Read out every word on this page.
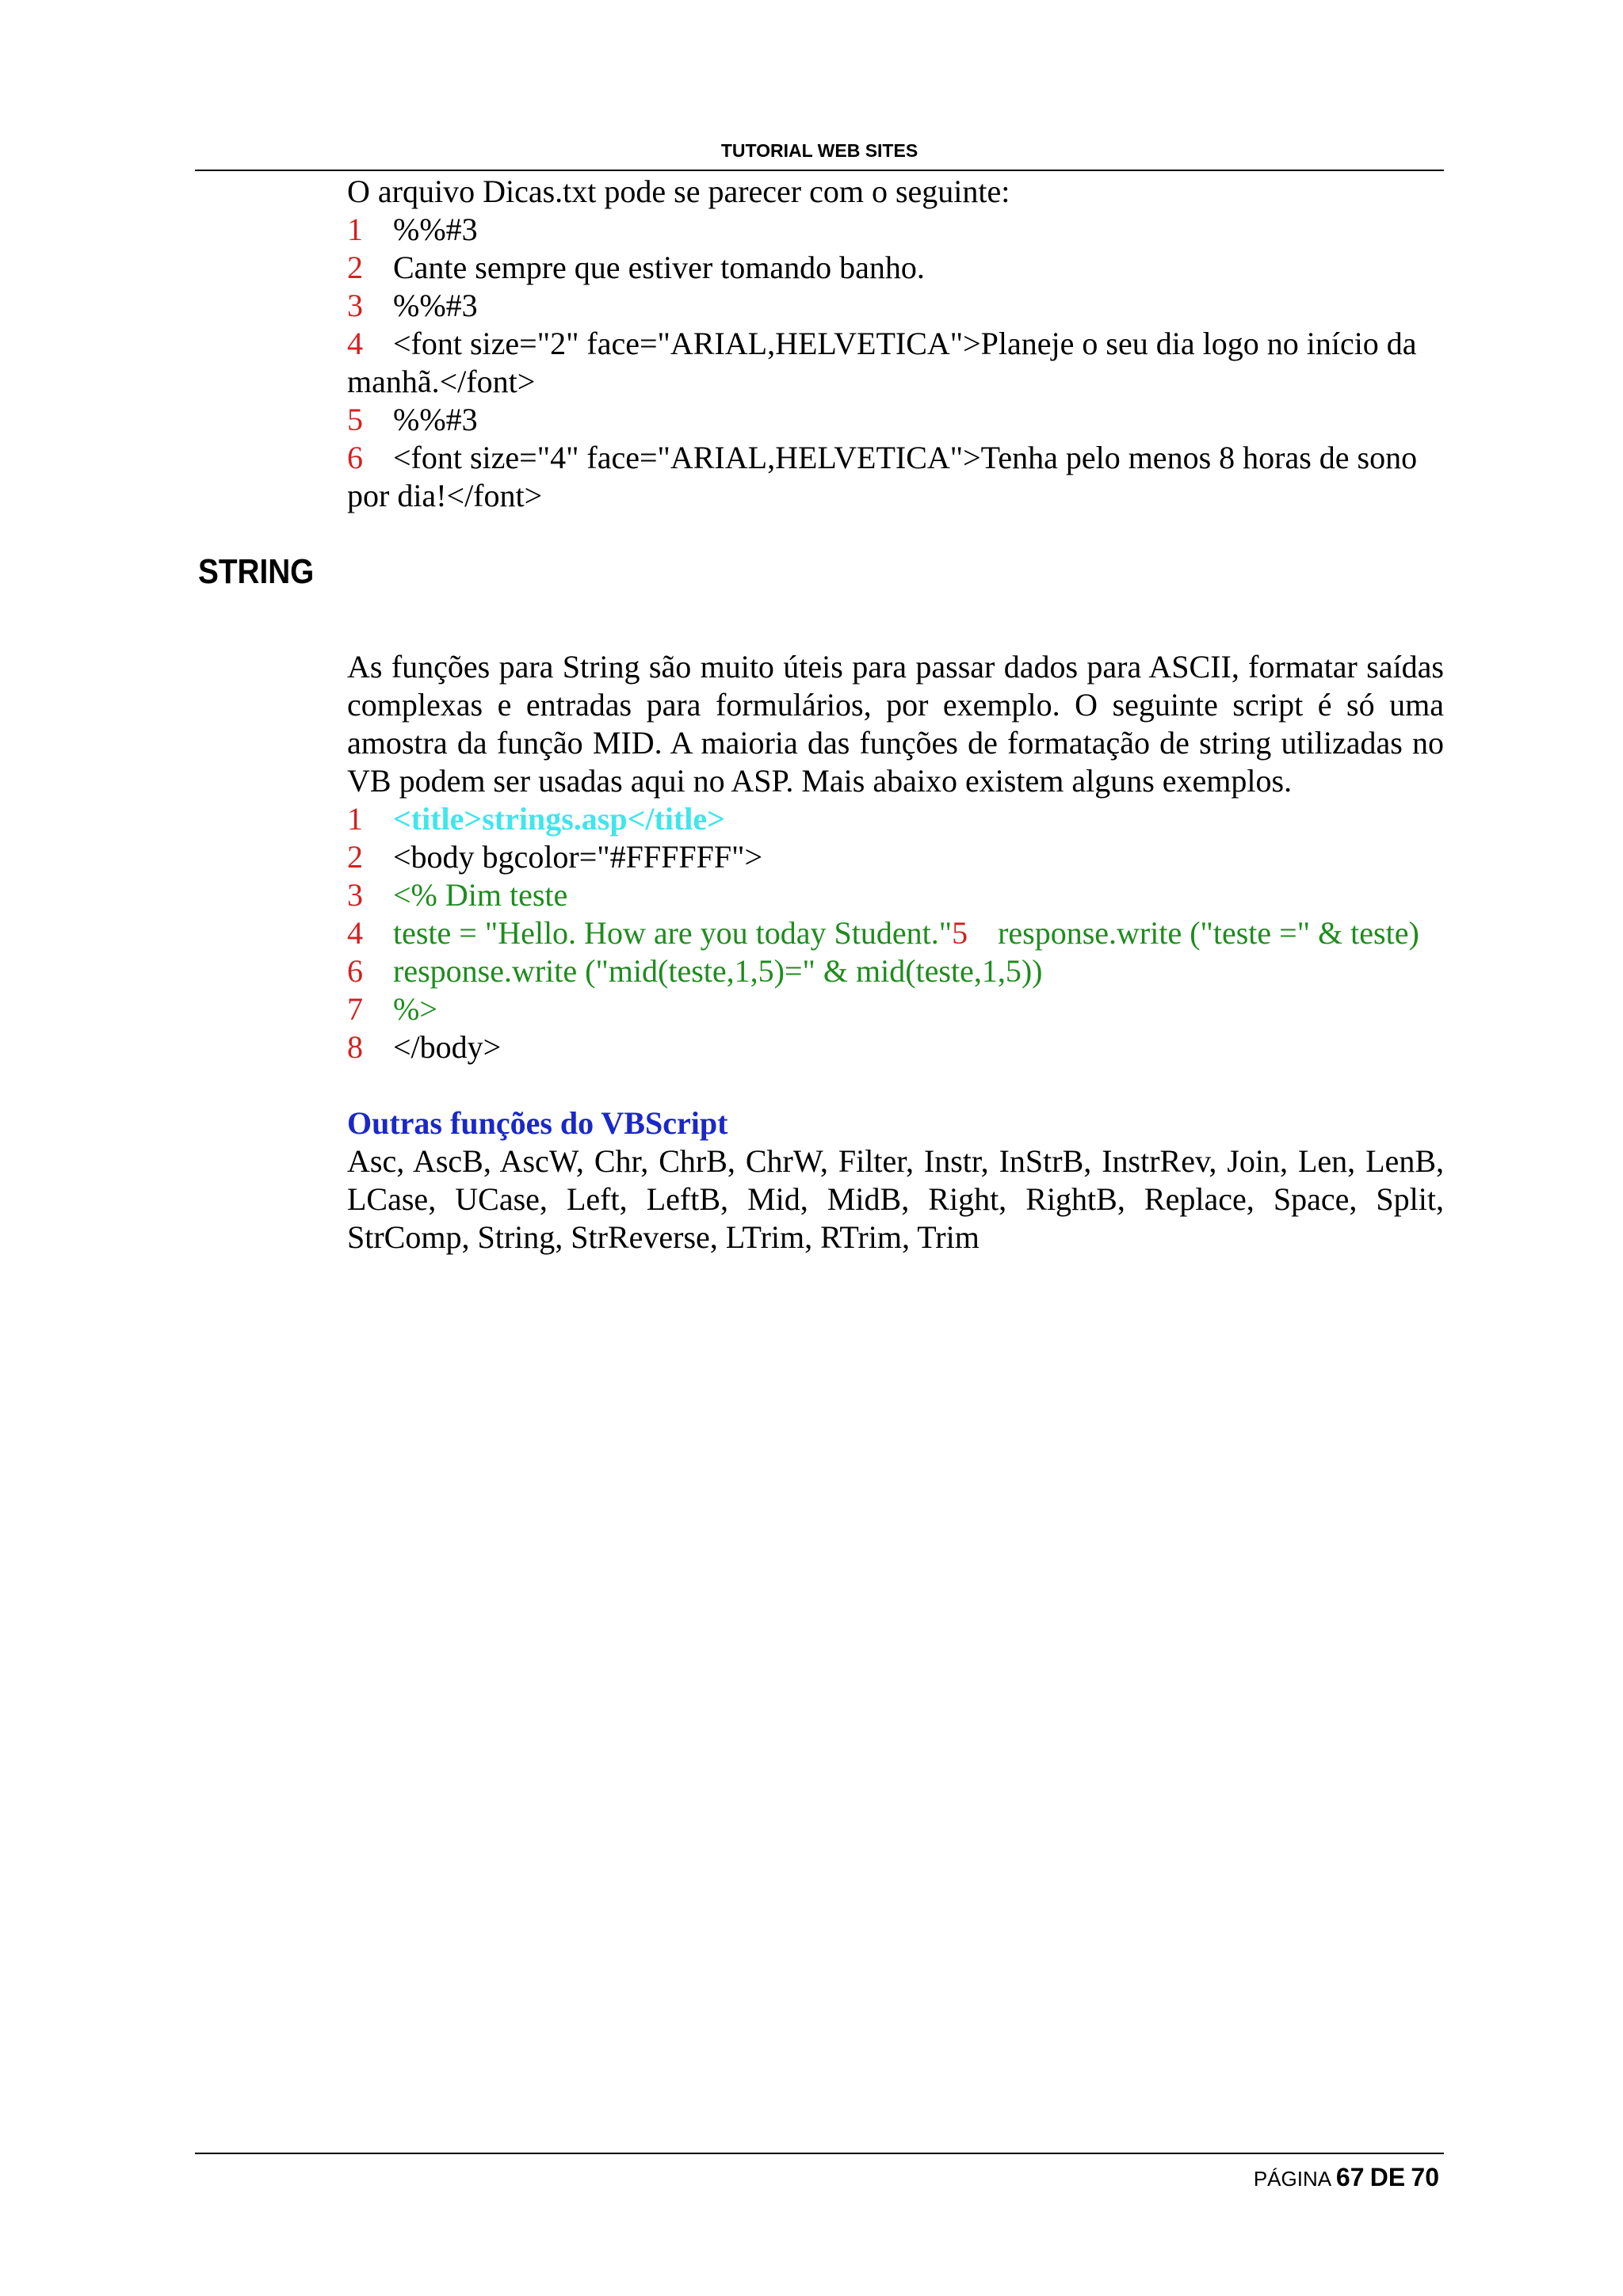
TUTORIAL WEB SITES
O arquivo Dicas.txt pode se parecer com o seguinte:
1 %%#3
2 Cante sempre que estiver tomando banho.
3 %%#3
4 <font size="2" face="ARIAL,HELVETICA">Planeje o seu dia logo no início da
manhã.</font>
5 %%#3
6 <font size="4" face="ARIAL,HELVETICA">Tenha pelo menos 8 horas de sono
por dia!</font>
STRING
As funções para String são muito úteis para passar dados para ASCII, formatar saídas complexas e entradas para formulários, por exemplo. O seguinte script é só uma amostra da função MID. A maioria das funções de formatação de string utilizadas no VB podem ser usadas aqui no ASP. Mais abaixo existem alguns exemplos.
1 <title>strings.asp</title>
2 <body bgcolor="#FFFFFF">
3 <% Dim teste
4 teste = "Hello. How are you today Student."5 response.write ("teste =" & teste)
6 response.write ("mid(teste,1,5)=" & mid(teste,1,5))
7 %>
8 </body>
Outras funções do VBScript
Asc, AscB, AscW, Chr, ChrB, ChrW, Filter, Instr, InStrB, InstrRev, Join, Len, LenB, LCase, UCase, Left, LeftB, Mid, MidB, Right, RightB, Replace, Space, Split, StrComp, String, StrReverse, LTrim, RTrim, Trim
PÁGINA 67 DE 70
